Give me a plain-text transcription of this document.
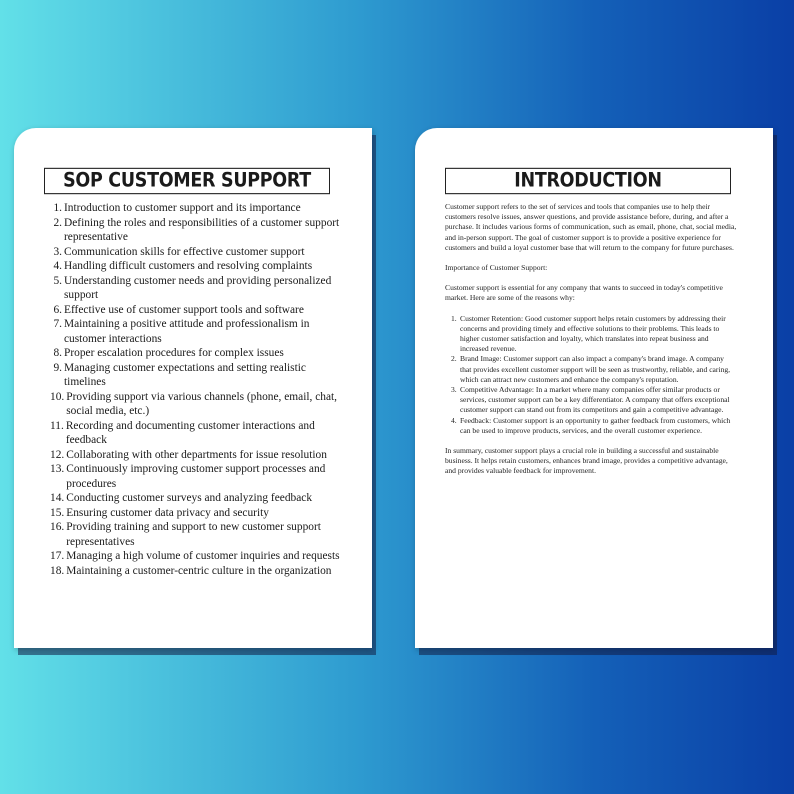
SOP CUSTOMER SUPPORT
1. Introduction to customer support and its importance
2. Defining the roles and responsibilities of a customer support representative
3. Communication skills for effective customer support
4. Handling difficult customers and resolving complaints
5. Understanding customer needs and providing personalized support
6. Effective use of customer support tools and software
7. Maintaining a positive attitude and professionalism in customer interactions
8. Proper escalation procedures for complex issues
9. Managing customer expectations and setting realistic timelines
10. Providing support via various channels (phone, email, chat, social media, etc.)
11. Recording and documenting customer interactions and feedback
12. Collaborating with other departments for issue resolution
13. Continuously improving customer support processes and procedures
14. Conducting customer surveys and analyzing feedback
15. Ensuring customer data privacy and security
16. Providing training and support to new customer support representatives
17. Managing a high volume of customer inquiries and requests
18. Maintaining a customer-centric culture in the organization
INTRODUCTION

Customer support refers to the set of services and tools that companies use to help their customers resolve issues, answer questions, and provide assistance before, during, and after a purchase. It includes various forms of communication, such as email, phone, chat, social media, and in-person support. The goal of customer support is to provide a positive experience for customers and build a loyal customer base that will return to the company for future purchases.

Importance of Customer Support:

Customer support is essential for any company that wants to succeed in today's competitive market. Here are some of the reasons why:

1. Customer Retention: Good customer support helps retain customers by addressing their concerns and providing timely and effective solutions to their problems. This leads to higher customer satisfaction and loyalty, which translates into repeat business and increased revenue.
2. Brand Image: Customer support can also impact a company's brand image. A company that provides excellent customer support will be seen as trustworthy, reliable, and caring, which can attract new customers and enhance the company's reputation.
3. Competitive Advantage: In a market where many companies offer similar products or services, customer support can be a key differentiator. A company that offers exceptional customer support can stand out from its competitors and gain a competitive advantage.
4. Feedback: Customer support is an opportunity to gather feedback from customers, which can be used to improve products, services, and the overall customer experience.

In summary, customer support plays a crucial role in building a successful and sustainable business. It helps retain customers, enhances brand image, provides a competitive advantage, and provides valuable feedback for improvement.
